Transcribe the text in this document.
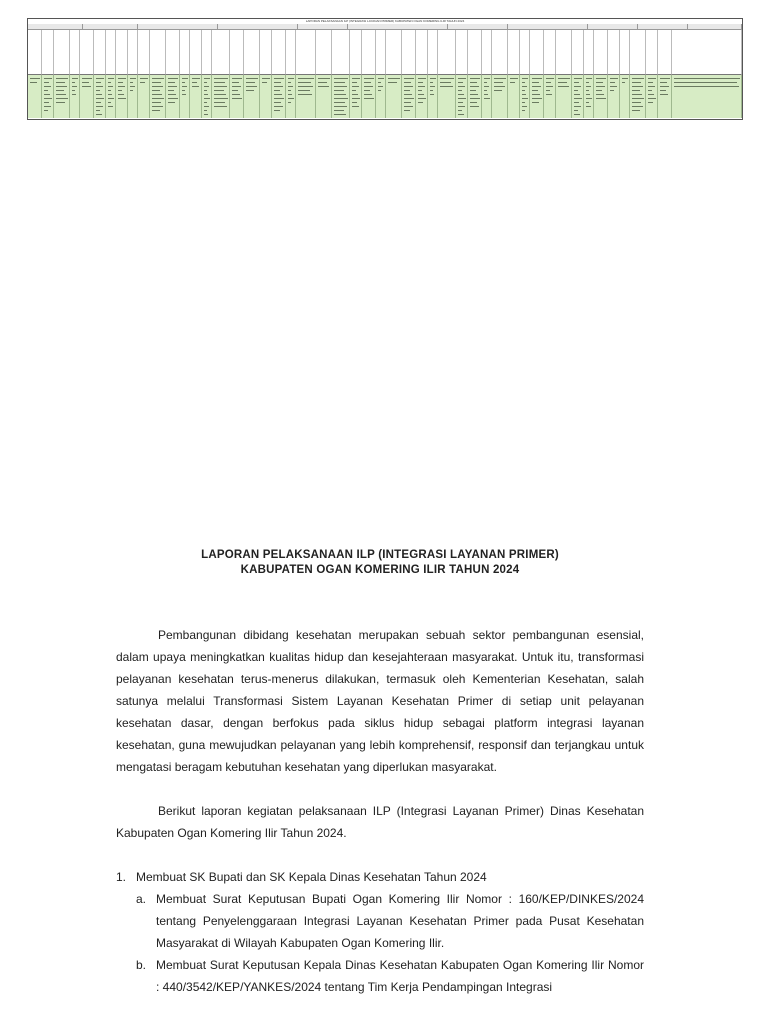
LAPORAN PELAKSANAAN ILP (INTEGRASI LAYANAN PRIMER) KABUPATEN OGAN KOMERING ILIR TAHUN 2024
LAPORAN PELAKSANAAN ILP (INTEGRASI LAYANAN PRIMER)
KABUPATEN OGAN KOMERING ILIR TAHUN 2024

Pembangunan dibidang kesehatan merupakan sebuah sektor pembangunan esensial, dalam upaya meningkatkan kualitas hidup dan kesejahteraan masyarakat. Untuk itu, transformasi pelayanan kesehatan terus-menerus dilakukan, termasuk oleh Kementerian Kesehatan, salah satunya melalui Transformasi Sistem Layanan Kesehatan Primer di setiap unit pelayanan kesehatan dasar, dengan berfokus pada siklus hidup sebagai platform integrasi layanan kesehatan, guna mewujudkan pelayanan yang lebih komprehensif, responsif dan terjangkau untuk mengatasi beragam kebutuhan kesehatan yang diperlukan masyarakat.

Berikut laporan kegiatan pelaksanaan ILP (Integrasi Layanan Primer) Dinas Kesehatan Kabupaten Ogan Komering Ilir Tahun 2024.

1. Membuat SK Bupati dan SK Kepala Dinas Kesehatan Tahun 2024
a. Membuat Surat Keputusan Bupati Ogan Komering Ilir Nomor : 160/KEP/DINKES/2024 tentang Penyelenggaraan Integrasi Layanan Kesehatan Primer pada Pusat Kesehatan Masyarakat di Wilayah Kabupaten Ogan Komering Ilir.
b. Membuat Surat Keputusan Kepala Dinas Kesehatan Kabupaten Ogan Komering Ilir Nomor : 440/3542/KEP/YANKES/2024 tentang Tim Kerja Pendampingan Integrasi
